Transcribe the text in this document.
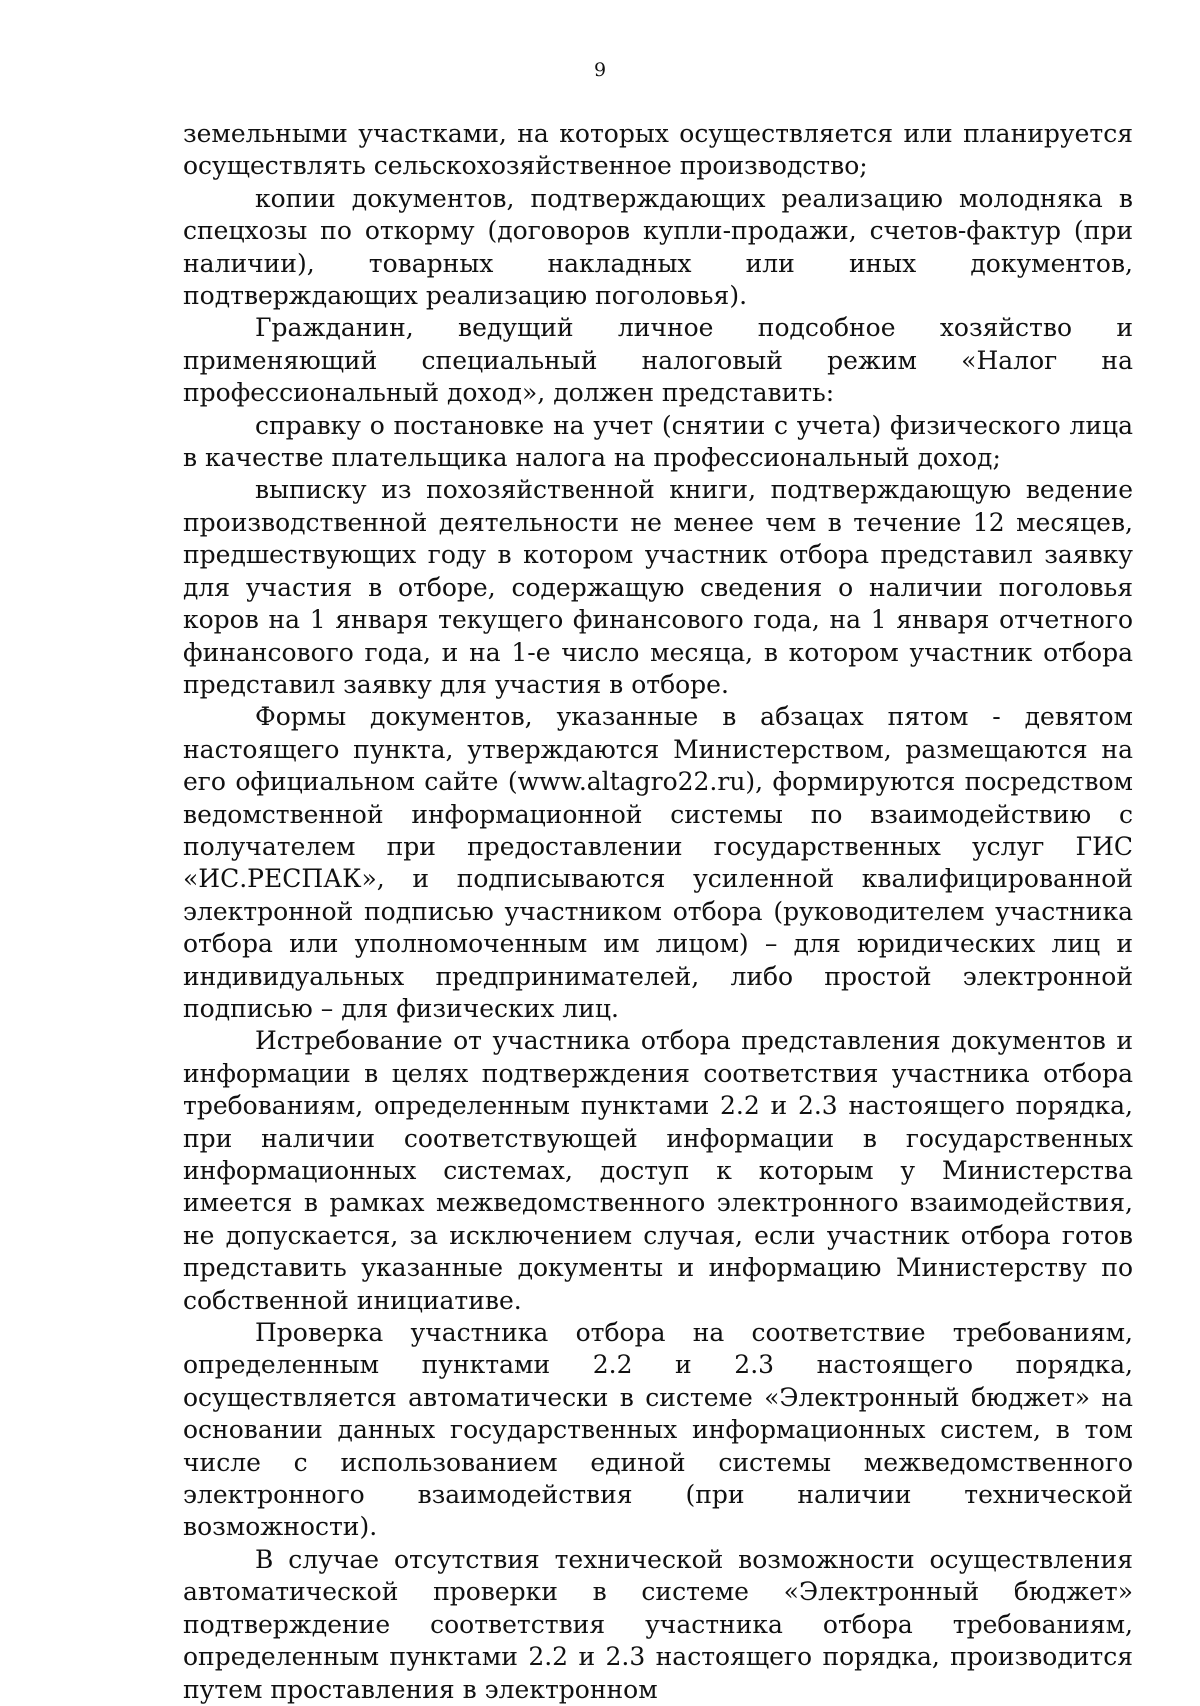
9

земельными участками, на которых осуществляется или планируется осуществлять сельскохозяйственное производство;

копии документов, подтверждающих реализацию молодняка в спецхозы по откорму (договоров купли-продажи, счетов-фактур (при наличии), товарных накладных или иных документов, подтверждающих реализацию поголовья).

Гражданин, ведущий личное подсобное хозяйство и применяющий специальный налоговый режим «Налог на профессиональный доход», должен представить:

справку о постановке на учет (снятии с учета) физического лица в качестве плательщика налога на профессиональный доход;

выписку из похозяйственной книги, подтверждающую ведение производственной деятельности не менее чем в течение 12 месяцев, предшествующих году в котором участник отбора представил заявку для участия в отборе, содержащую сведения о наличии поголовья коров на 1 января текущего финансового года, на 1 января отчетного финансового года, и на 1-е число месяца, в котором участник отбора представил заявку для участия в отборе.

Формы документов, указанные в абзацах пятом - девятом настоящего пункта, утверждаются Министерством, размещаются на его официальном сайте (www.altagro22.ru), формируются посредством ведомственной информационной системы по взаимодействию с получателем при предоставлении государственных услуг ГИС «ИС.РЕСПАК», и подписываются усиленной квалифицированной электронной подписью участником отбора (руководителем участника отбора или уполномоченным им лицом) – для юридических лиц и индивидуальных предпринимателей, либо простой электронной подписью – для физических лиц.

Истребование от участника отбора представления документов и информации в целях подтверждения соответствия участника отбора требованиям, определенным пунктами 2.2 и 2.3 настоящего порядка, при наличии соответствующей информации в государственных информационных системах, доступ к которым у Министерства имеется в рамках межведомственного электронного взаимодействия, не допускается, за исключением случая, если участник отбора готов представить указанные документы и информацию Министерству по собственной инициативе.

Проверка участника отбора на соответствие требованиям, определенным пунктами 2.2 и 2.3 настоящего порядка, осуществляется автоматически в системе «Электронный бюджет» на основании данных государственных информационных систем, в том числе с использованием единой системы межведомственного электронного взаимодействия (при наличии технической возможности).

В случае отсутствия технической возможности осуществления автоматической проверки в системе «Электронный бюджет» подтверждение соответствия участника отбора требованиям, определенным пунктами 2.2 и 2.3 настоящего порядка, производится путем проставления в электронном
